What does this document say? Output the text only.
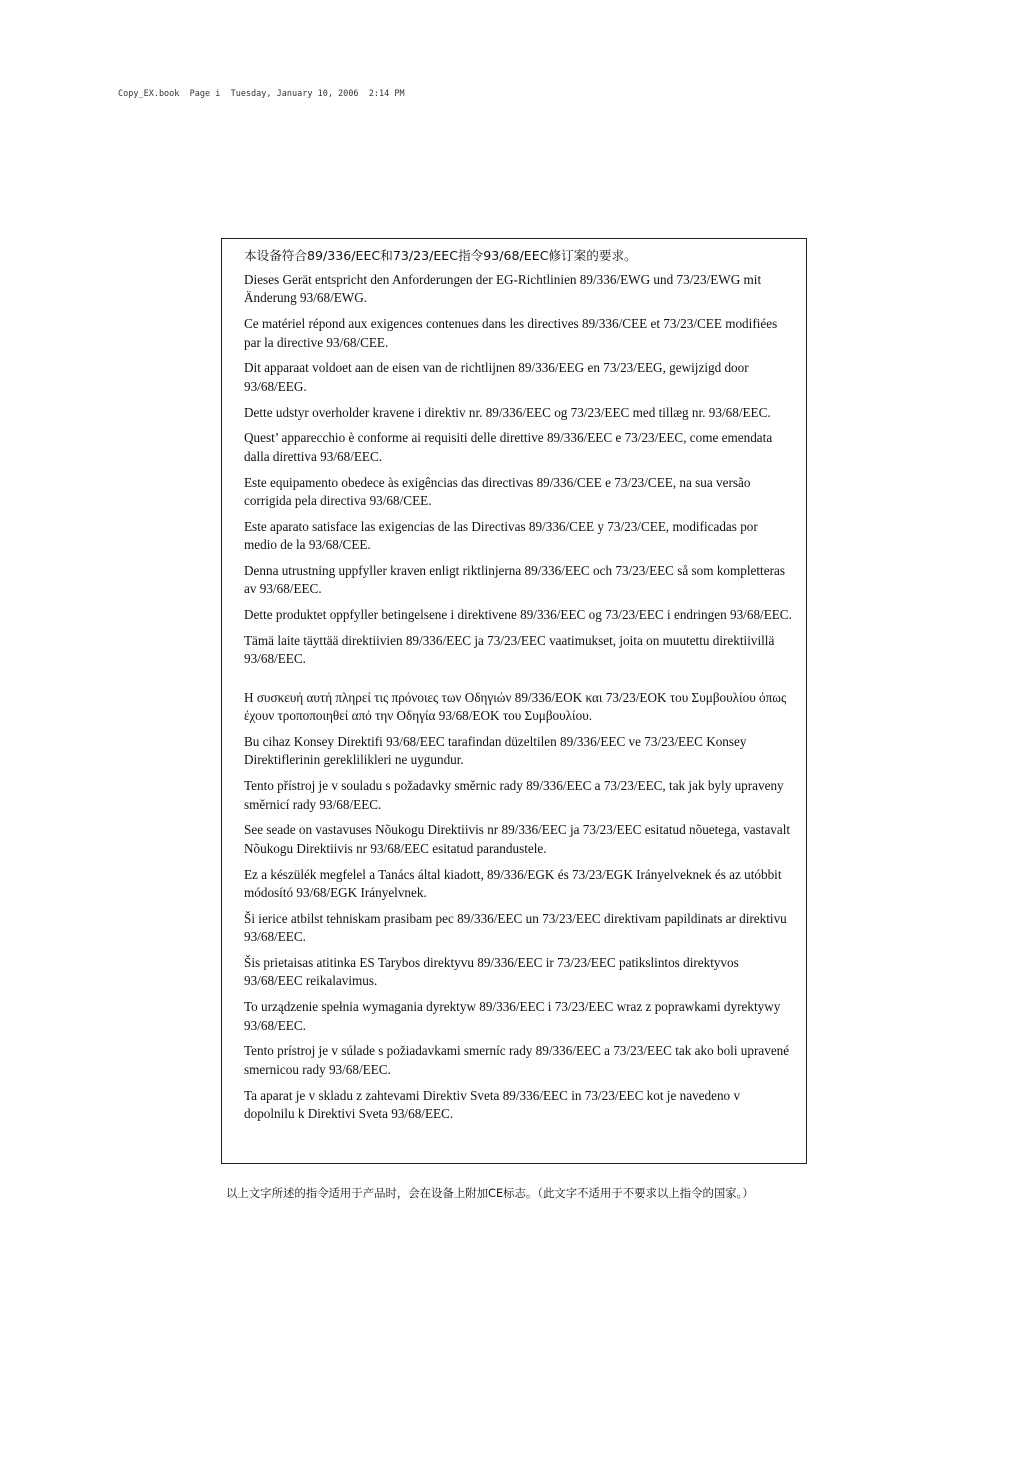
Copy_EX.book  Page i  Tuesday, January 10, 2006  2:14 PM

本设备符合89/336/EEC和73/23/EEC指令93/68/EEC修订案的要求。

Dieses Gerät entspricht den Anforderungen der EG-Richtlinien 89/336/EWG und 73/23/EWG mit Änderung 93/68/EWG.

Ce matériel répond aux exigences contenues dans les directives 89/336/CEE et 73/23/CEE modifiées par la directive 93/68/CEE.

Dit apparaat voldoet aan de eisen van de richtlijnen 89/336/EEG en 73/23/EEG, gewijzigd door 93/68/EEG.

Dette udstyr overholder kravene i direktiv nr. 89/336/EEC og 73/23/EEC med tillæg nr. 93/68/EEC.

Quest’ apparecchio è conforme ai requisiti delle direttive 89/336/EEC e 73/23/EEC, come emendata dalla direttiva 93/68/EEC.

Este equipamento obedece às exigências das directivas 89/336/CEE e 73/23/CEE, na sua versão corrigida pela directiva 93/68/CEE.

Este aparato satisface las exigencias de las Directivas 89/336/CEE y 73/23/CEE, modificadas por medio de la 93/68/CEE.

Denna utrustning uppfyller kraven enligt riktlinjerna 89/336/EEC och 73/23/EEC så som kompletteras av 93/68/EEC.

Dette produktet oppfyller betingelsene i direktivene 89/336/EEC og 73/23/EEC i endringen 93/68/EEC.

Tämä laite täyttää direktiivien 89/336/EEC ja 73/23/EEC vaatimukset, joita on muutettu direktiivillä 93/68/EEC.

Η συσκευή αυτή πληρεί τις πρόνοιες των Οδηγιών 89/336/ΕΟΚ και 73/23/ΕΟΚ του Συμβουλίου όπως έχουν τροποποιηθεί από την Οδηγία 93/68/ΕΟΚ του Συμβουλίου.

Bu cihaz Konsey Direktifi 93/68/EEC tarafindan düzeltilen 89/336/EEC ve 73/23/EEC Konsey Direktiflerinin gereklilikleri ne uygundur.

Tento přístroj je v souladu s požadavky směrnic rady 89/336/EEC a 73/23/EEC, tak jak byly upraveny směrnicí rady 93/68/EEC.

See seade on vastavuses Nõukogu Direktiivis nr 89/336/EEC ja 73/23/EEC esitatud nõuetega, vastavalt Nõukogu Direktiivis nr 93/68/EEC esitatud parandustele.

Ez a készülék megfelel a Tanács által kiadott, 89/336/EGK és 73/23/EGK Irányelveknek és az utóbbit módosító 93/68/EGK Irányelvnek.

Ši ierice atbilst tehniskam prasibam pec 89/336/EEC un 73/23/EEC direktivam papildinats ar direktivu 93/68/EEC.

Šis prietaisas atitinka ES Tarybos direktyvu 89/336/EEC ir 73/23/EEC patikslintos direktyvos 93/68/EEC reikalavimus.

To urządzenie spełnia wymagania dyrektyw 89/336/EEC i 73/23/EEC wraz z poprawkami dyrektywy 93/68/EEC.

Tento prístroj je v súlade s požiadavkami smerníc rady 89/336/EEC a 73/23/EEC tak ako boli upravené smernicou rady 93/68/EEC.

Ta aparat je v skladu z zahtevami Direktiv Sveta 89/336/EEC in 73/23/EEC kot je navedeno v dopolnilu k Direktivi Sveta 93/68/EEC.

以上文字所述的指令适用于产品时，会在设备上附加CE标志。（此文字不适用于不要求以上指令的国家。）
